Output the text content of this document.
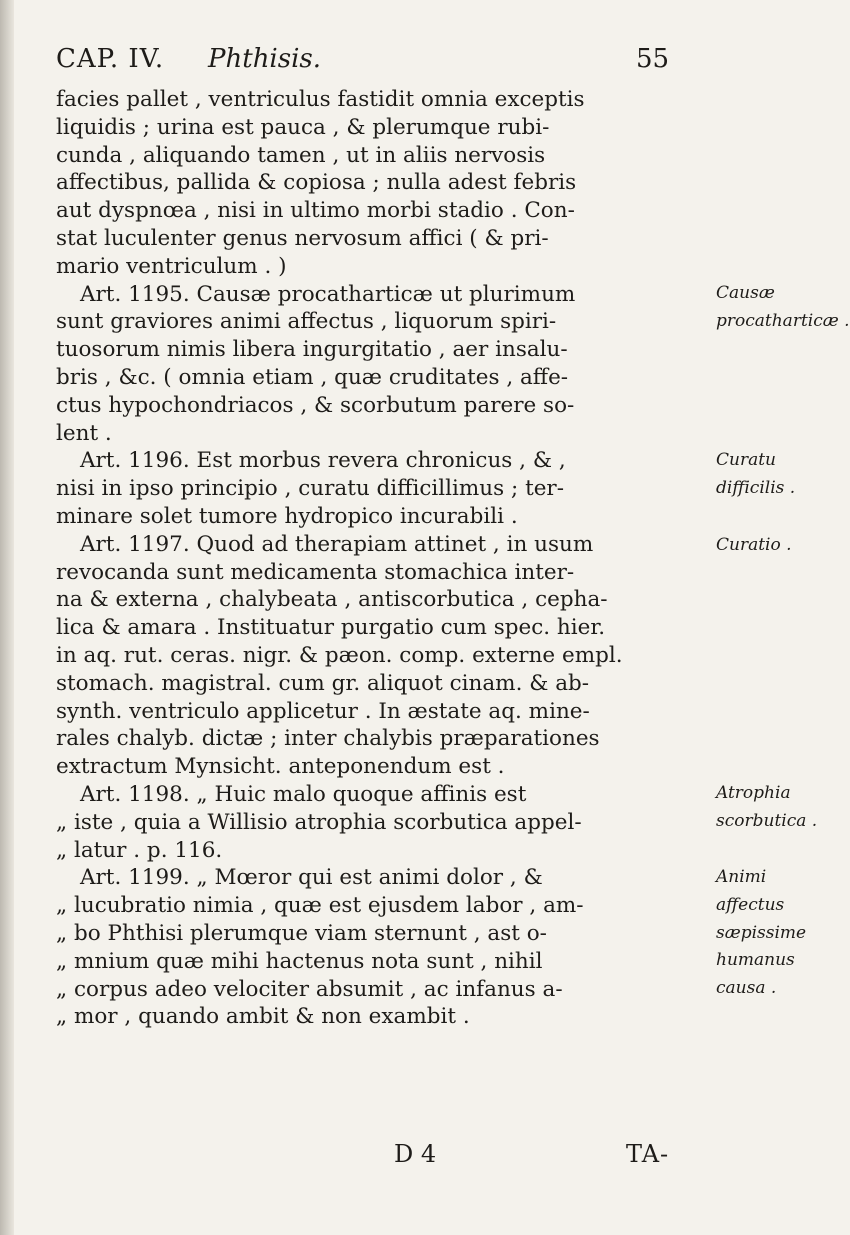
CAP. IV. Phthisis.	55
facies pallet , ventriculus fastidit omnia exceptis
liquidis ; urina est pauca , & plerumque rubi-
cunda , aliquando tamen , ut in aliis nervosis
affectibus, pallida & copiosa ; nulla adest febris
aut dyspnœa , nisi in ultimo morbi stadio . Con-
stat luculenter genus nervosum affici ( & pri-
mario ventriculum . )
Art. 1195. Causæ procatharticæ ut plurimum
sunt graviores animi affectus , liquorum spiri-
tuosorum nimis libera ingurgitatio , aer insalu-
bris , &c. ( omnia etiam , quæ cruditates , affe-
ctus hypochondriacos , & scorbutum parere so-
lent .
Art. 1196. Est morbus revera chronicus , & ,
nisi in ipso principio , curatu difficillimus ; ter-
minare solet tumore hydropico incurabili .
Art. 1197. Quod ad therapiam attinet , in usum
revocanda sunt medicamenta stomachica inter-
na & externa , chalybeata , antiscorbutica , cepha-
lica & amara . Instituatur purgatio cum spec. hier.
in aq. rut. ceras. nigr. & pæon. comp. externe empl.
stomach. magistral. cum gr. aliquot cinam. & ab-
synth. ventriculo applicetur . In æstate aq. mine-
rales chalyb. dictæ ; inter chalybis præparationes
extractum Mynsicht. anteponendum est .
Art. 1198. „ Huic malo quoque affinis est
„ iste , quia a Willisio atrophia scorbutica appel-
„ latur . p. 116.
Art. 1199. „ Mœror qui est animi dolor , &
„ lucubratio nimia , quæ est ejusdem labor , am-
„ bo Phthisi plerumque viam sternunt , ast o-
„ mnium quæ mihi hactenus nota sunt , nihil
„ corpus adeo velociter absumit , ac infanus a-
„ mor , quando ambit & non exambit .
Causæ
procatharticæ .
Curatu
difficilis .
Curatio .
Atrophia
scorbutica .
Animi
affectus
sæpissime
humanus
causa .
D 4	TA-
